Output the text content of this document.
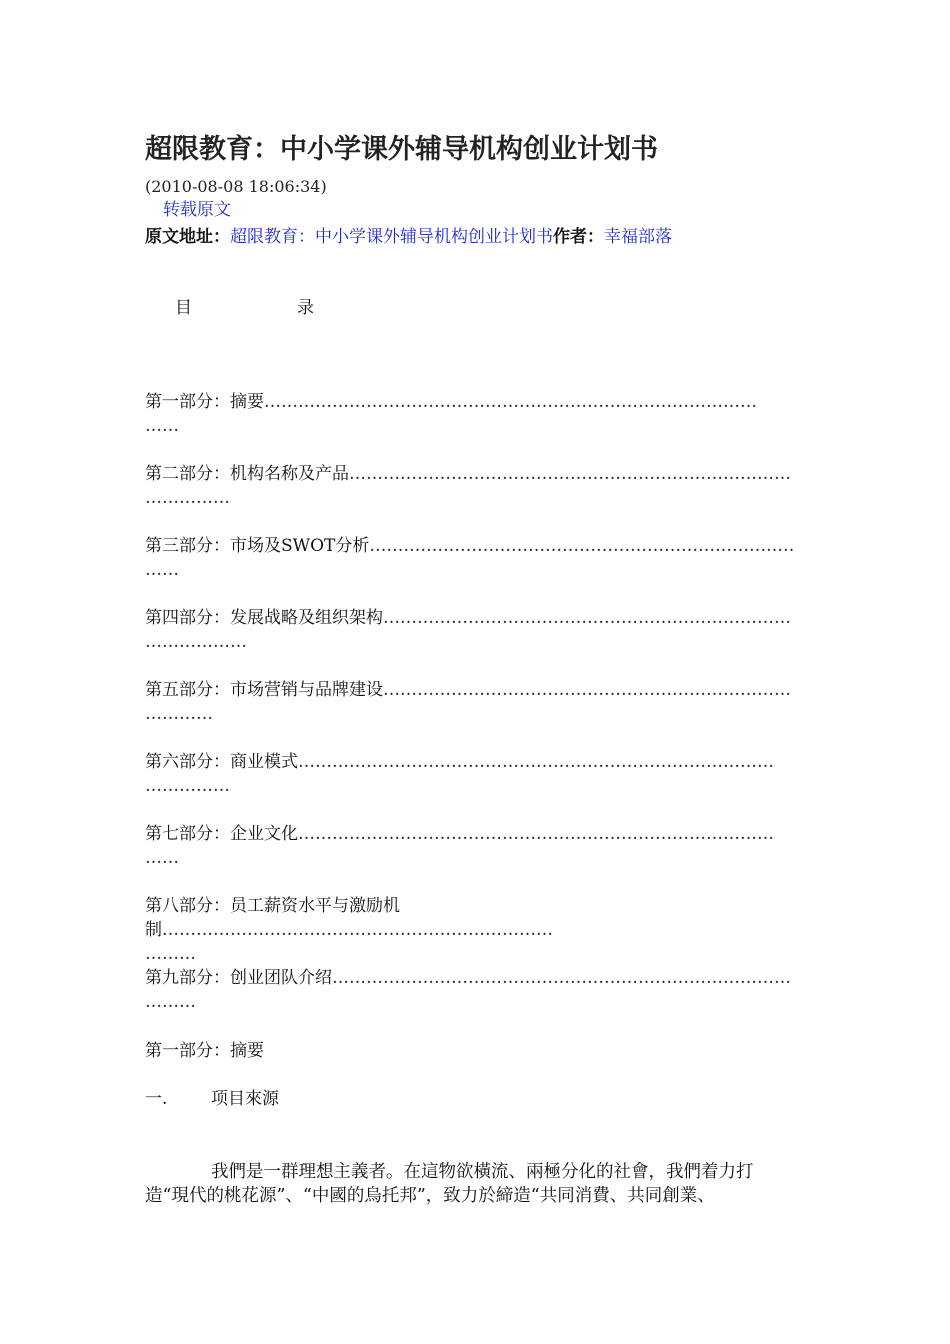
超限教育：中小学课外辅导机构创业计划书
(2010-08-08 18:06:34)
转载原文
原文地址：超限教育：中小学课外辅导机构创业计划书作者：幸福部落
目	录
第一部分：摘要……………………………………………………………………………
……
第二部分：机构名称及产品……………………………………………………………………
……………
第三部分：市场及SWOT分析…………………………………………………………………
……
第四部分：发展战略及组织架构………………………………………………………………
………………
第五部分：市场营销与品牌建设………………………………………………………………
…………
第六部分：商业模式…………………………………………………………………………
……………
第七部分：企业文化…………………………………………………………………………
……
第八部分：员工薪资水平与激励机制……………………………………………………………
………
第九部分：创业团队介绍………………………………………………………………………
………
第一部分：摘要
一.	项目來源

我們是一群理想主義者。在這物欲橫流、兩極分化的社會，我們着力打
造“現代的桃花源”、“中國的烏托邦”，致力於締造“共同消費、共同創業、
